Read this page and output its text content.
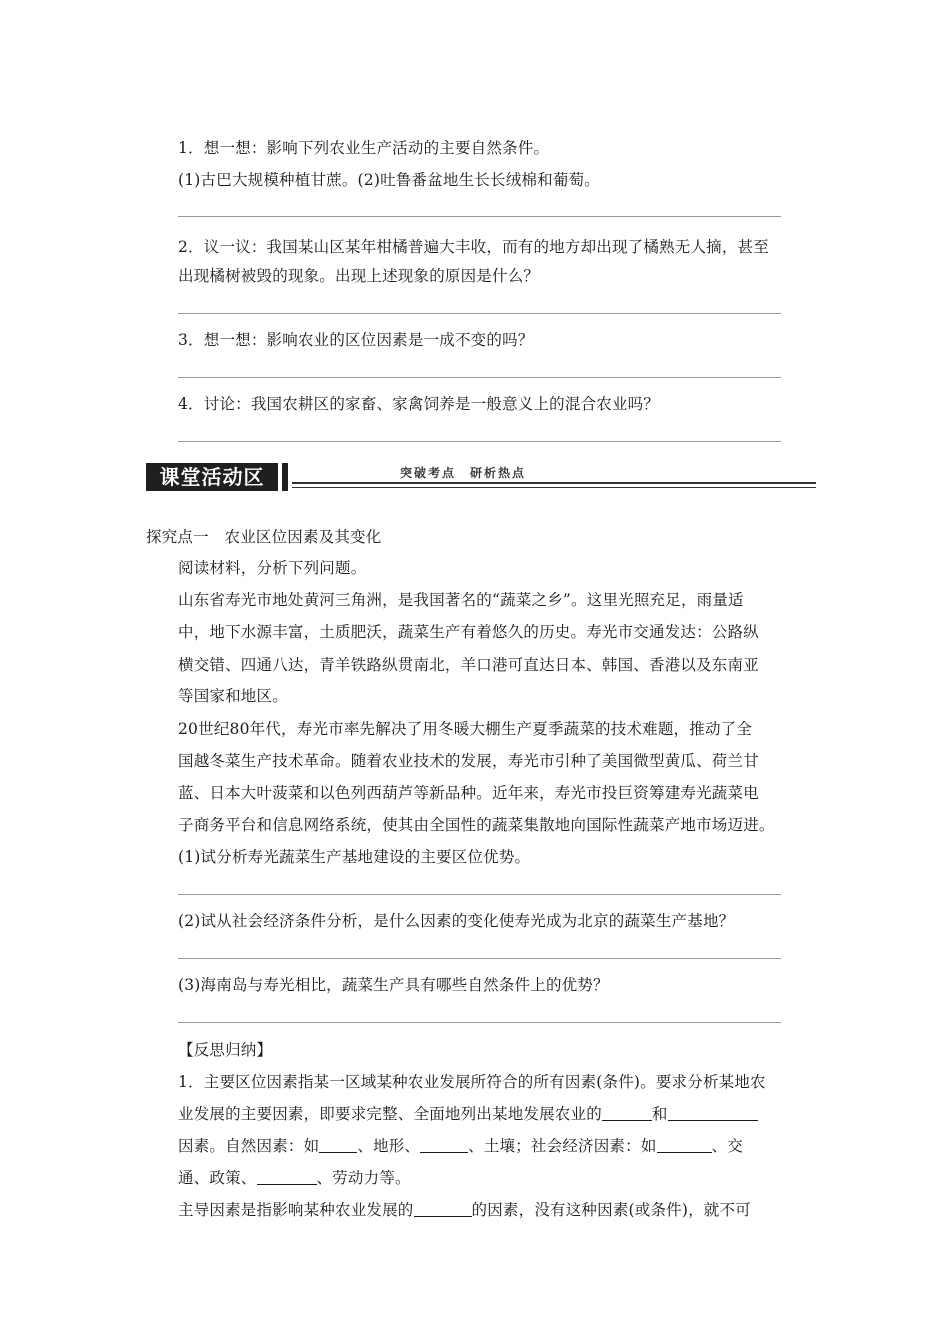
1．想一想：影响下列农业生产活动的主要自然条件。
(1)古巴大规模种植甘蔗。(2)吐鲁番盆地生长长绒棉和葡萄。
2．议一议：我国某山区某年柑橘普遍大丰收，而有的地方却出现了橘熟无人摘，甚至
出现橘树被毁的现象。出现上述现象的原因是什么？
3．想一想：影响农业的区位因素是一成不变的吗？
4．讨论：我国农耕区的家畜、家禽饲养是一般意义上的混合农业吗？
课堂活动区	突破考点　研析热点
探究点一　农业区位因素及其变化
阅读材料，分析下列问题。
山东省寿光市地处黄河三角洲，是我国著名的“蔬菜之乡”。这里光照充足，雨量适
中，地下水源丰富，土质肥沃，蔬菜生产有着悠久的历史。寿光市交通发达：公路纵
横交错、四通八达，青羊铁路纵贯南北，羊口港可直达日本、韩国、香港以及东南亚
等国家和地区。
20世纪80年代，寿光市率先解决了用冬暖大棚生产夏季蔬菜的技术难题，推动了全
国越冬菜生产技术革命。随着农业技术的发展，寿光市引种了美国微型黄瓜、荷兰甘
蓝、日本大叶菠菜和以色列西葫芦等新品种。近年来，寿光市投巨资筹建寿光蔬菜电
子商务平台和信息网络系统，使其由全国性的蔬菜集散地向国际性蔬菜产地市场迈进。
(1)试分析寿光蔬菜生产基地建设的主要区位优势。
(2)试从社会经济条件分析，是什么因素的变化使寿光成为北京的蔬菜生产基地？
(3)海南岛与寿光相比，蔬菜生产具有哪些自然条件上的优势？
【反思归纳】
1．主要区位因素指某一区域某种农业发展所符合的所有因素(条件)。要求分析某地农
业发展的主要因素，即要求完整、全面地列出某地发展农业的	和
因素。自然因素：如 、地形、	、土壤；社会经济因素：如	、交
通、政策、	、劳动力等。
主导因素是指影响某种农业发展的	的因素，没有这种因素(或条件)，就不可
